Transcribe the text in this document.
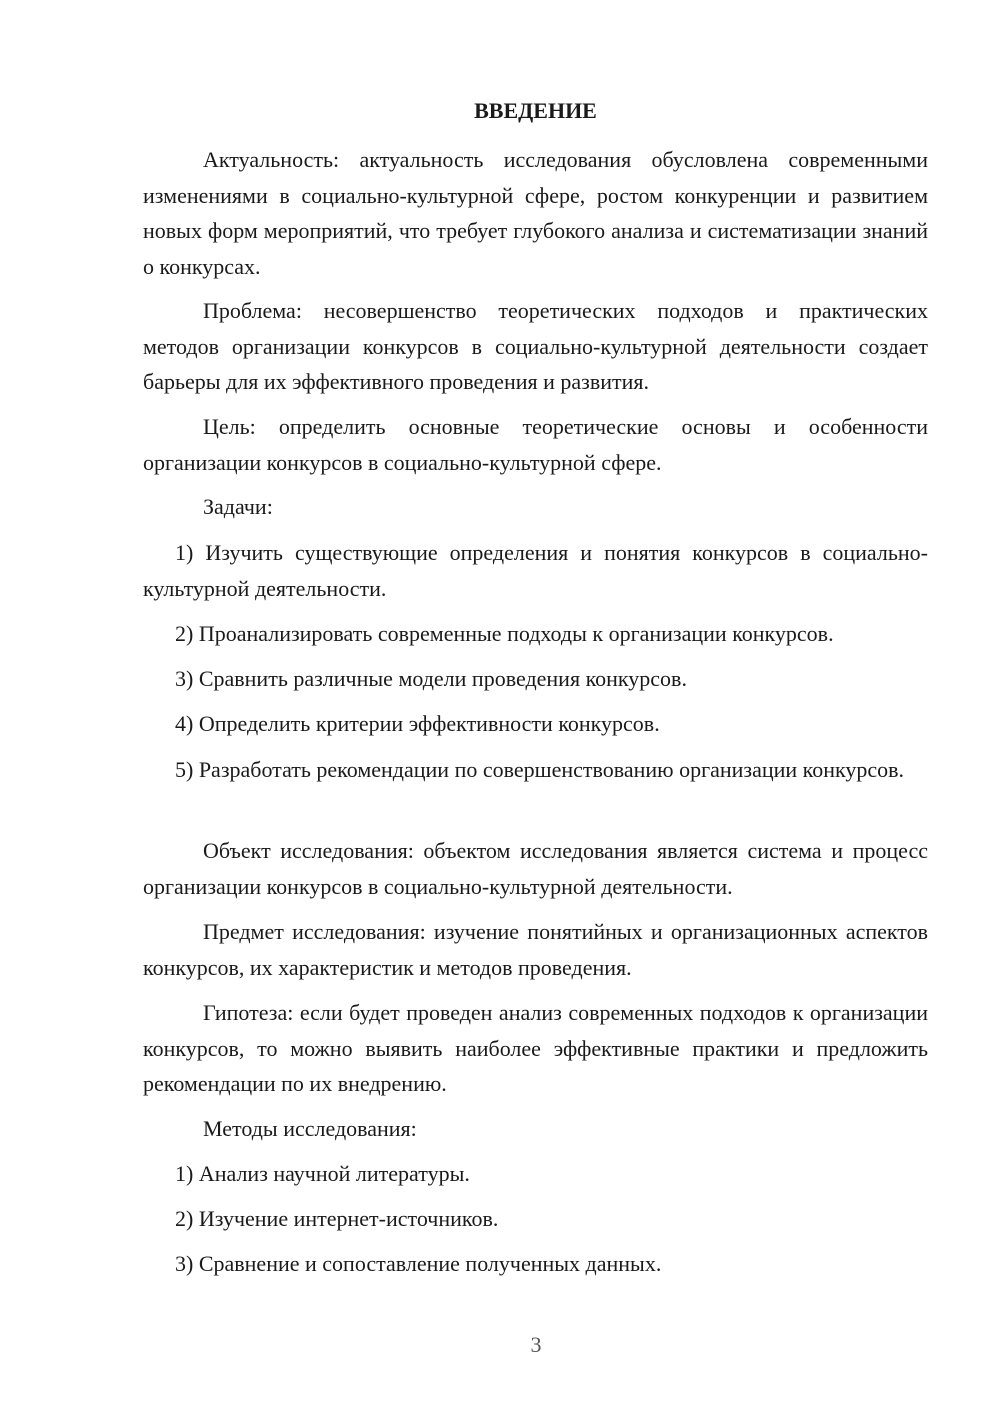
ВВЕДЕНИЕ

Актуальность: актуальность исследования обусловлена современными изменениями в социально-культурной сфере, ростом конкуренции и развитием новых форм мероприятий, что требует глубокого анализа и систематизации знаний о конкурсах.

Проблема: несовершенство теоретических подходов и практических методов организации конкурсов в социально-культурной деятельности создает барьеры для их эффективного проведения и развития.

Цель: определить основные теоретические основы и особенности организации конкурсов в социально-культурной сфере.

Задачи:

1) Изучить существующие определения и понятия конкурсов в социально-культурной деятельности.

2) Проанализировать современные подходы к организации конкурсов.

3) Сравнить различные модели проведения конкурсов.

4) Определить критерии эффективности конкурсов.

5) Разработать рекомендации по совершенствованию организации конкурсов.

Объект исследования: объектом исследования является система и процесс организации конкурсов в социально-культурной деятельности.

Предмет исследования: изучение понятийных и организационных аспектов конкурсов, их характеристик и методов проведения.

Гипотеза: если будет проведен анализ современных подходов к организации конкурсов, то можно выявить наиболее эффективные практики и предложить рекомендации по их внедрению.

Методы исследования:

1) Анализ научной литературы.

2) Изучение интернет-источников.

3) Сравнение и сопоставление полученных данных.

3
